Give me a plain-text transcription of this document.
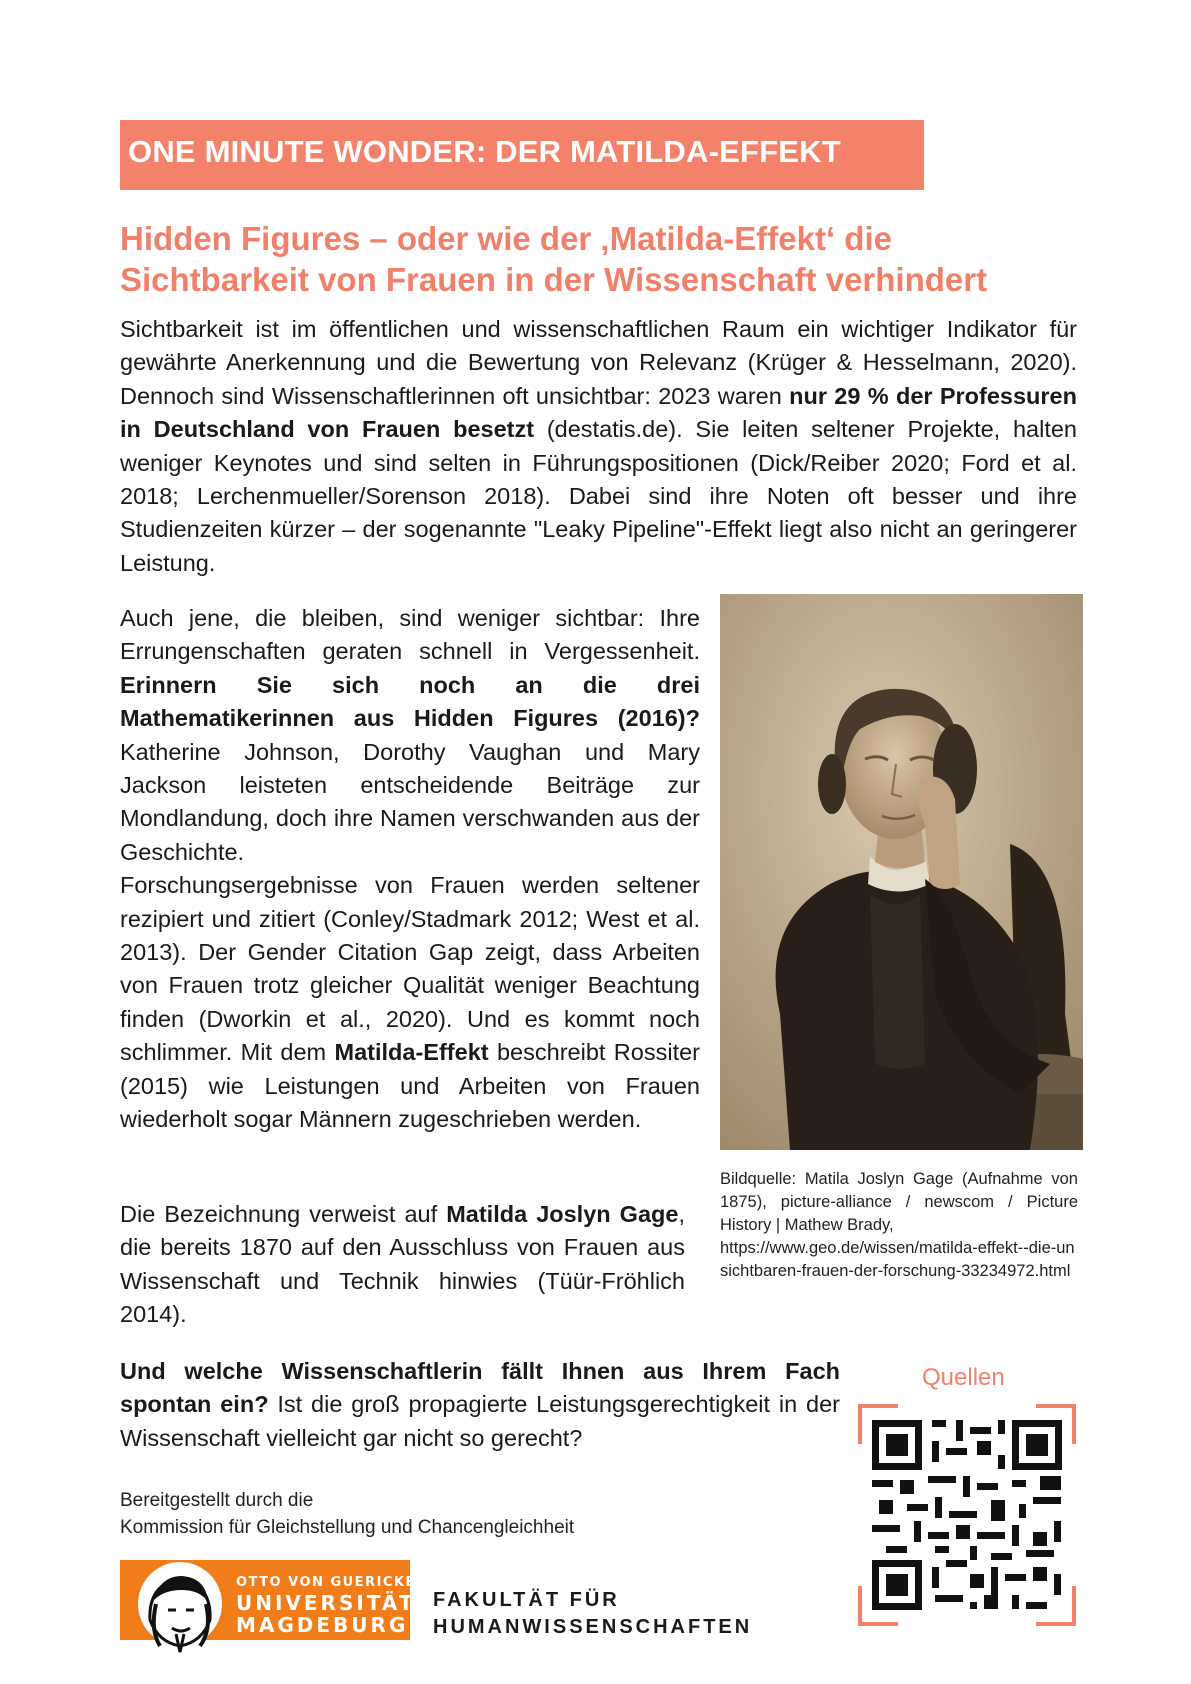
ONE MINUTE WONDER: DER MATILDA-EFFEKT
Hidden Figures – oder wie der ‚Matilda-Effekt‘ die
Sichtbarkeit von Frauen in der Wissenschaft verhindert

Sichtbarkeit ist im öffentlichen und wissenschaftlichen Raum ein wichtiger Indikator für gewährte Anerkennung und die Bewertung von Relevanz (Krüger & Hesselmann, 2020). Dennoch sind Wissenschaftlerinnen oft unsichtbar: 2023 waren nur 29 % der Professuren in Deutschland von Frauen besetzt (destatis.de). Sie leiten seltener Projekte, halten weniger Keynotes und sind selten in Führungspositionen (Dick/Reiber 2020; Ford et al. 2018; Lerchenmueller/Sorenson 2018). Dabei sind ihre Noten oft besser und ihre Studienzeiten kürzer – der sogenannte "Leaky Pipeline"-Effekt liegt also nicht an geringerer Leistung.

Auch jene, die bleiben, sind weniger sichtbar: Ihre Errungenschaften geraten schnell in Vergessenheit. Erinnern Sie sich noch an die drei Mathematikerinnen aus Hidden Figures (2016)? Katherine Johnson, Dorothy Vaughan und Mary Jackson leisteten entscheidende Beiträge zur Mondlandung, doch ihre Namen verschwanden aus der Geschichte.
Forschungsergebnisse von Frauen werden seltener rezipiert und zitiert (Conley/Stadmark 2012; West et al. 2013). Der Gender Citation Gap zeigt, dass Arbeiten von Frauen trotz gleicher Qualität weniger Beachtung finden (Dworkin et al., 2020). Und es kommt noch schlimmer. Mit dem Matilda-Effekt beschreibt Rossiter (2015) wie Leistungen und Arbeiten von Frauen wiederholt sogar Männern zugeschrieben werden.

Die Bezeichnung verweist auf Matilda Joslyn Gage, die bereits 1870 auf den Ausschluss von Frauen aus Wissenschaft und Technik hinwies (Tüür-Fröhlich 2014).

Bildquelle: Matila Joslyn Gage (Aufnahme von 1875), picture-alliance / newscom / Picture History | Mathew Brady,
https://www.geo.de/wissen/matilda-effekt--die-unsichtbaren-frauen-der-forschung-33234972.html

Und welche Wissenschaftlerin fällt Ihnen aus Ihrem Fach spontan ein? Ist die groß propagierte Leistungsgerechtigkeit in der Wissenschaft vielleicht gar nicht so gerecht?

Quellen
Bereitgestellt durch die
Kommission für Gleichstellung und Chancengleichheit
OTTO VON GUERICKE
UNIVERSITÄT
MAGDEBURG
FAKULTÄT FÜR
HUMANWISSENSCHAFTEN
